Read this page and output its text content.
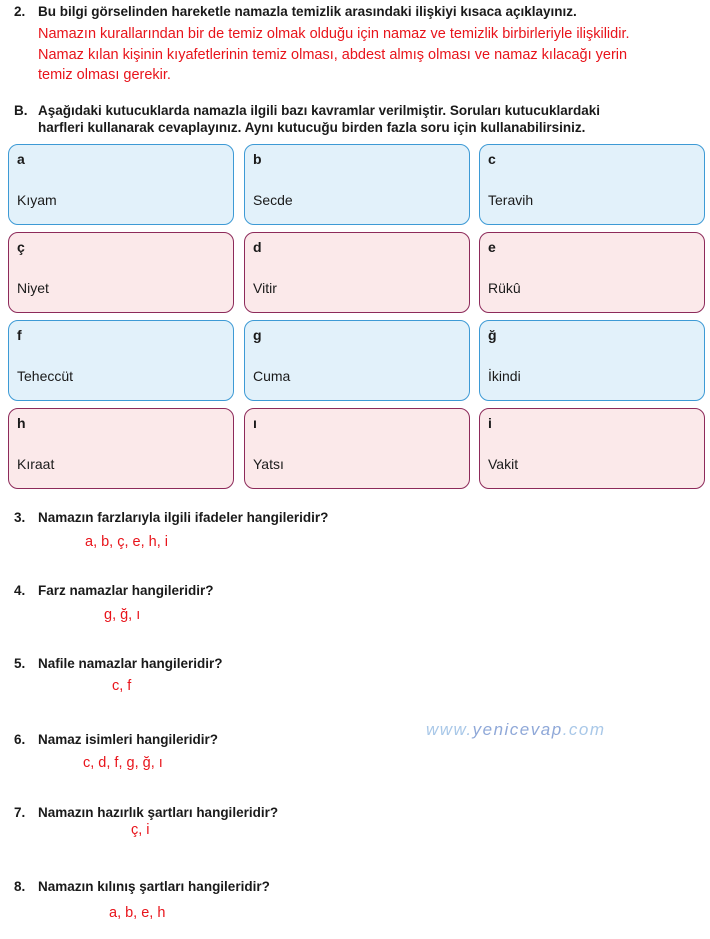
2. Bu bilgi görselinden hareketle namazla temizlik arasındaki ilişkiyi kısaca açıklayınız.
Namazın kurallarından bir de temiz olmak olduğu için namaz ve temizlik birbirleriyle ilişkilidir.
Namaz kılan kişinin kıyafetlerinin temiz olması, abdest almış olması ve namaz kılacağı yerin
temiz olması gerekir.
B. Aşağıdaki kutucuklarda namazla ilgili bazı kavramlar verilmiştir. Soruları kutucuklardaki
harfleri kullanarak cevaplayınız. Aynı kutucuğu birden fazla soru için kullanabilirsiniz.
a
Kıyam
b
Secde
c
Teravih
ç
Niyet
d
Vitir
e
Rükû
f
Teheccüt
g
Cuma
ğ
İkindi
h
Kıraat
ı
Yatsı
i
Vakit
3. Namazın farzlarıyla ilgili ifadeler hangileridir?
a, b, ç, e, h, i
4. Farz namazlar hangileridir?
g, ğ, ı
5. Nafile namazlar hangileridir?
c, f
www.yenicevap.com
6. Namaz isimleri hangileridir?
c, d, f, g, ğ, ı
7. Namazın hazırlık şartları hangileridir?
ç, i
8. Namazın kılınış şartları hangileridir?
a, b, e, h
